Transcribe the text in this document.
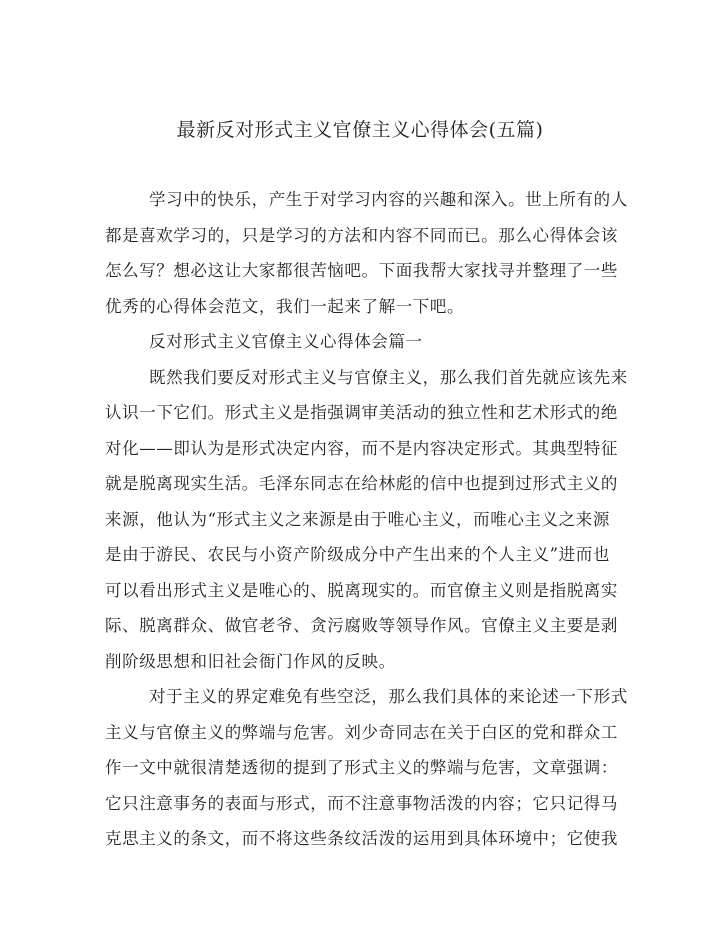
最新反对形式主义官僚主义心得体会(五篇)
学习中的快乐，产生于对学习内容的兴趣和深入。世上所有的人
都是喜欢学习的，只是学习的方法和内容不同而已。那么心得体会该
怎么写？想必这让大家都很苦恼吧。下面我帮大家找寻并整理了一些
优秀的心得体会范文，我们一起来了解一下吧。
反对形式主义官僚主义心得体会篇一
既然我们要反对形式主义与官僚主义，那么我们首先就应该先来
认识一下它们。形式主义是指强调审美活动的独立性和艺术形式的绝
对化——即认为是形式决定内容，而不是内容决定形式。其典型特征
就是脱离现实生活。毛泽东同志在给林彪的信中也提到过形式主义的
来源，他认为“形式主义之来源是由于唯心主义，而唯心主义之来源
是由于游民、农民与小资产阶级成分中产生出来的个人主义”进而也
可以看出形式主义是唯心的、脱离现实的。而官僚主义则是指脱离实
际、脱离群众、做官老爷、贪污腐败等领导作风。官僚主义主要是剥
削阶级思想和旧社会衙门作风的反映。
对于主义的界定难免有些空泛，那么我们具体的来论述一下形式
主义与官僚主义的弊端与危害。刘少奇同志在关于白区的党和群众工
作一文中就很清楚透彻的提到了形式主义的弊端与危害，文章强调：
它只注意事务的表面与形式，而不注意事物活泼的内容；它只记得马
克思主义的条文，而不将这些条纹活泼的运用到具体环境中；它使我
